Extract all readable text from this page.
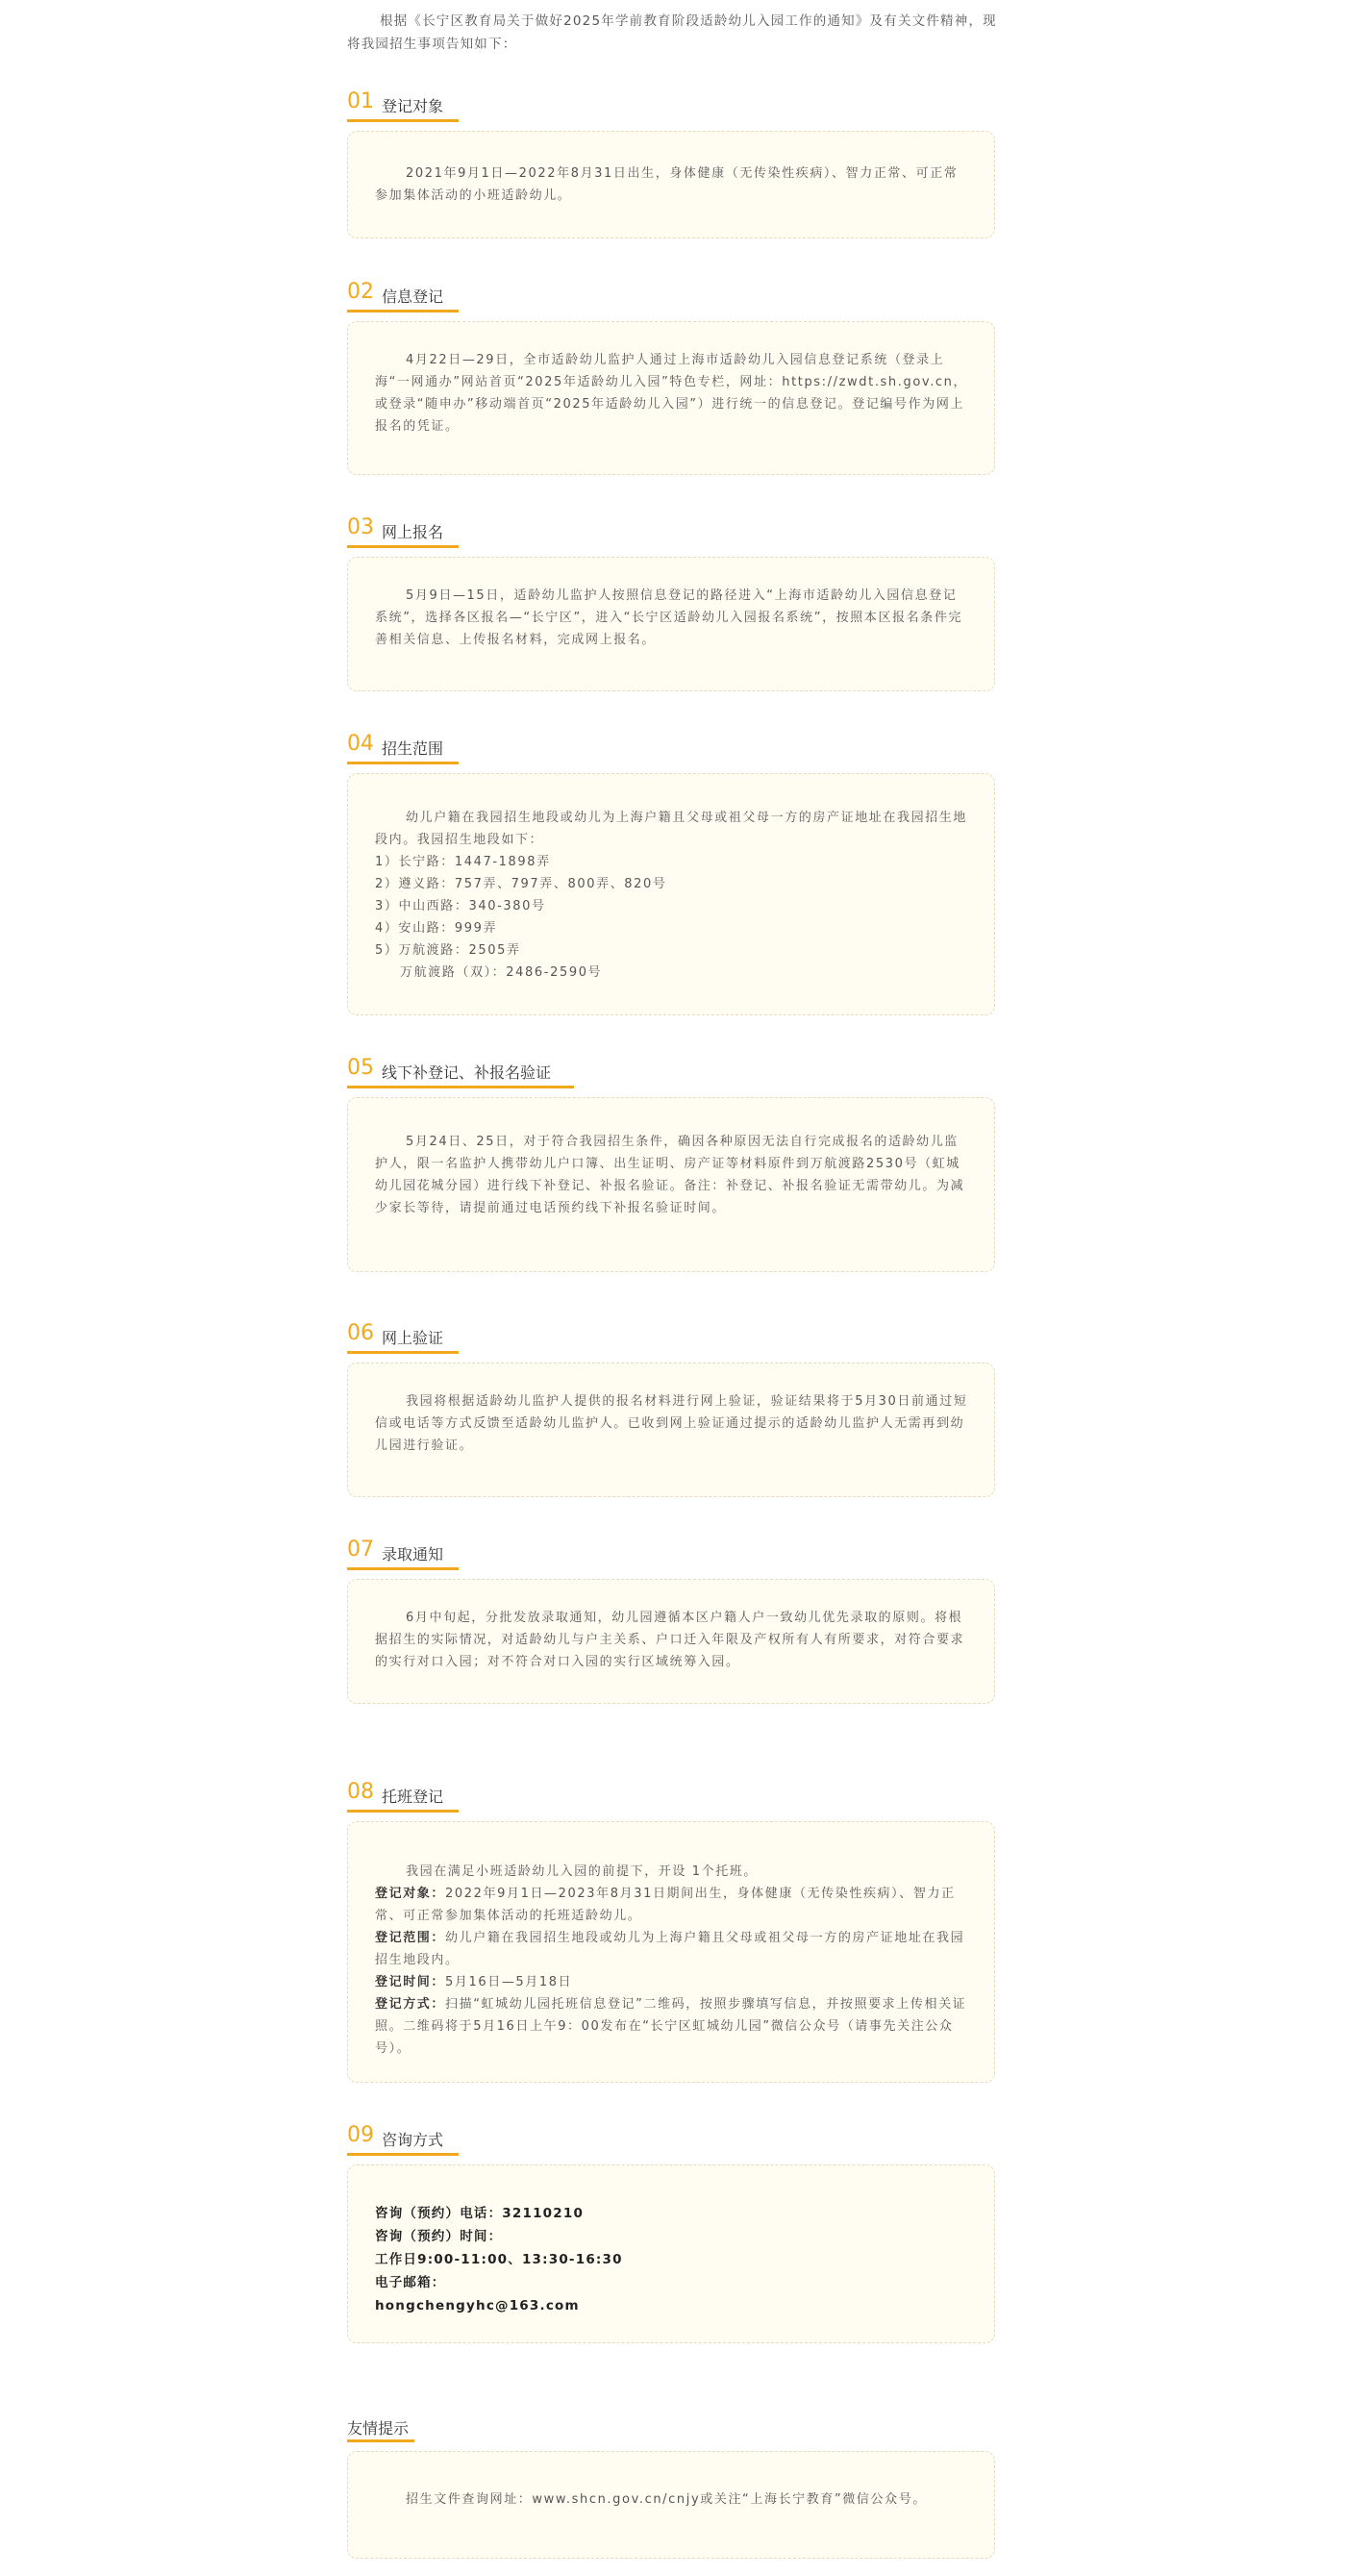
根据《长宁区教育局关于做好2025年学前教育阶段适龄幼儿入园工作的通知》及有关文件精神，现将我园招生事项告知如下：
01 登记对象
2021年9月1日—2022年8月31日出生，身体健康（无传染性疾病）、智力正常、可正常参加集体活动的小班适龄幼儿。
02 信息登记
4月22日—29日，全市适龄幼儿监护人通过上海市适龄幼儿入园信息登记系统（登录上海“一网通办”网站首页“2025年适龄幼儿入园”特色专栏，网址：https://zwdt.sh.gov.cn，或登录“随申办”移动端首页“2025年适龄幼儿入园”）进行统一的信息登记。登记编号作为网上报名的凭证。
03 网上报名
5月9日—15日，适龄幼儿监护人按照信息登记的路径进入“上海市适龄幼儿入园信息登记系统”，选择各区报名—“长宁区”，进入“长宁区适龄幼儿入园报名系统”，按照本区报名条件完善相关信息、上传报名材料，完成网上报名。
04 招生范围
幼儿户籍在我园招生地段或幼儿为上海户籍且父母或祖父母一方的房产证地址在我园招生地段内。我园招生地段如下：
1）长宁路：1447-1898弄
2）遵义路：757弄、797弄、800弄、820号
3）中山西路：340-380号
4）安山路：999弄
5）万航渡路：2505弄
万航渡路（双）：2486-2590号
05 线下补登记、补报名验证
5月24日、25日，对于符合我园招生条件，确因各种原因无法自行完成报名的适龄幼儿监护人，限一名监护人携带幼儿户口簿、出生证明、房产证等材料原件到万航渡路2530号（虹城幼儿园花城分园）进行线下补登记、补报名验证。备注：补登记、补报名验证无需带幼儿。为减少家长等待，请提前通过电话预约线下补报名验证时间。
06 网上验证
我园将根据适龄幼儿监护人提供的报名材料进行网上验证，验证结果将于5月30日前通过短信或电话等方式反馈至适龄幼儿监护人。已收到网上验证通过提示的适龄幼儿监护人无需再到幼儿园进行验证。
07 录取通知
6月中旬起，分批发放录取通知，幼儿园遵循本区户籍人户一致幼儿优先录取的原则。将根据招生的实际情况，对适龄幼儿与户主关系、户口迁入年限及产权所有人有所要求，对符合要求的实行对口入园；对不符合对口入园的实行区域统筹入园。
08 托班登记
我园在满足小班适龄幼儿入园的前提下，开设 1个托班。
登记对象：2022年9月1日—2023年8月31日期间出生，身体健康（无传染性疾病）、智力正常、可正常参加集体活动的托班适龄幼儿。
登记范围：幼儿户籍在我园招生地段或幼儿为上海户籍且父母或祖父母一方的房产证地址在我园招生地段内。
登记时间：5月16日—5月18日
登记方式：扫描“虹城幼儿园托班信息登记”二维码，按照步骤填写信息，并按照要求上传相关证照。二维码将于5月16日上午9：00发布在“长宁区虹城幼儿园”微信公众号（请事先关注公众号）。
09 咨询方式
咨询（预约）电话：32110210
咨询（预约）时间：
工作日9:00-11:00、13:30-16:30
电子邮箱：
hongchengyhc@163.com
友情提示
招生文件查询网址：www.shcn.gov.cn/cnjy或关注“上海长宁教育”微信公众号。
